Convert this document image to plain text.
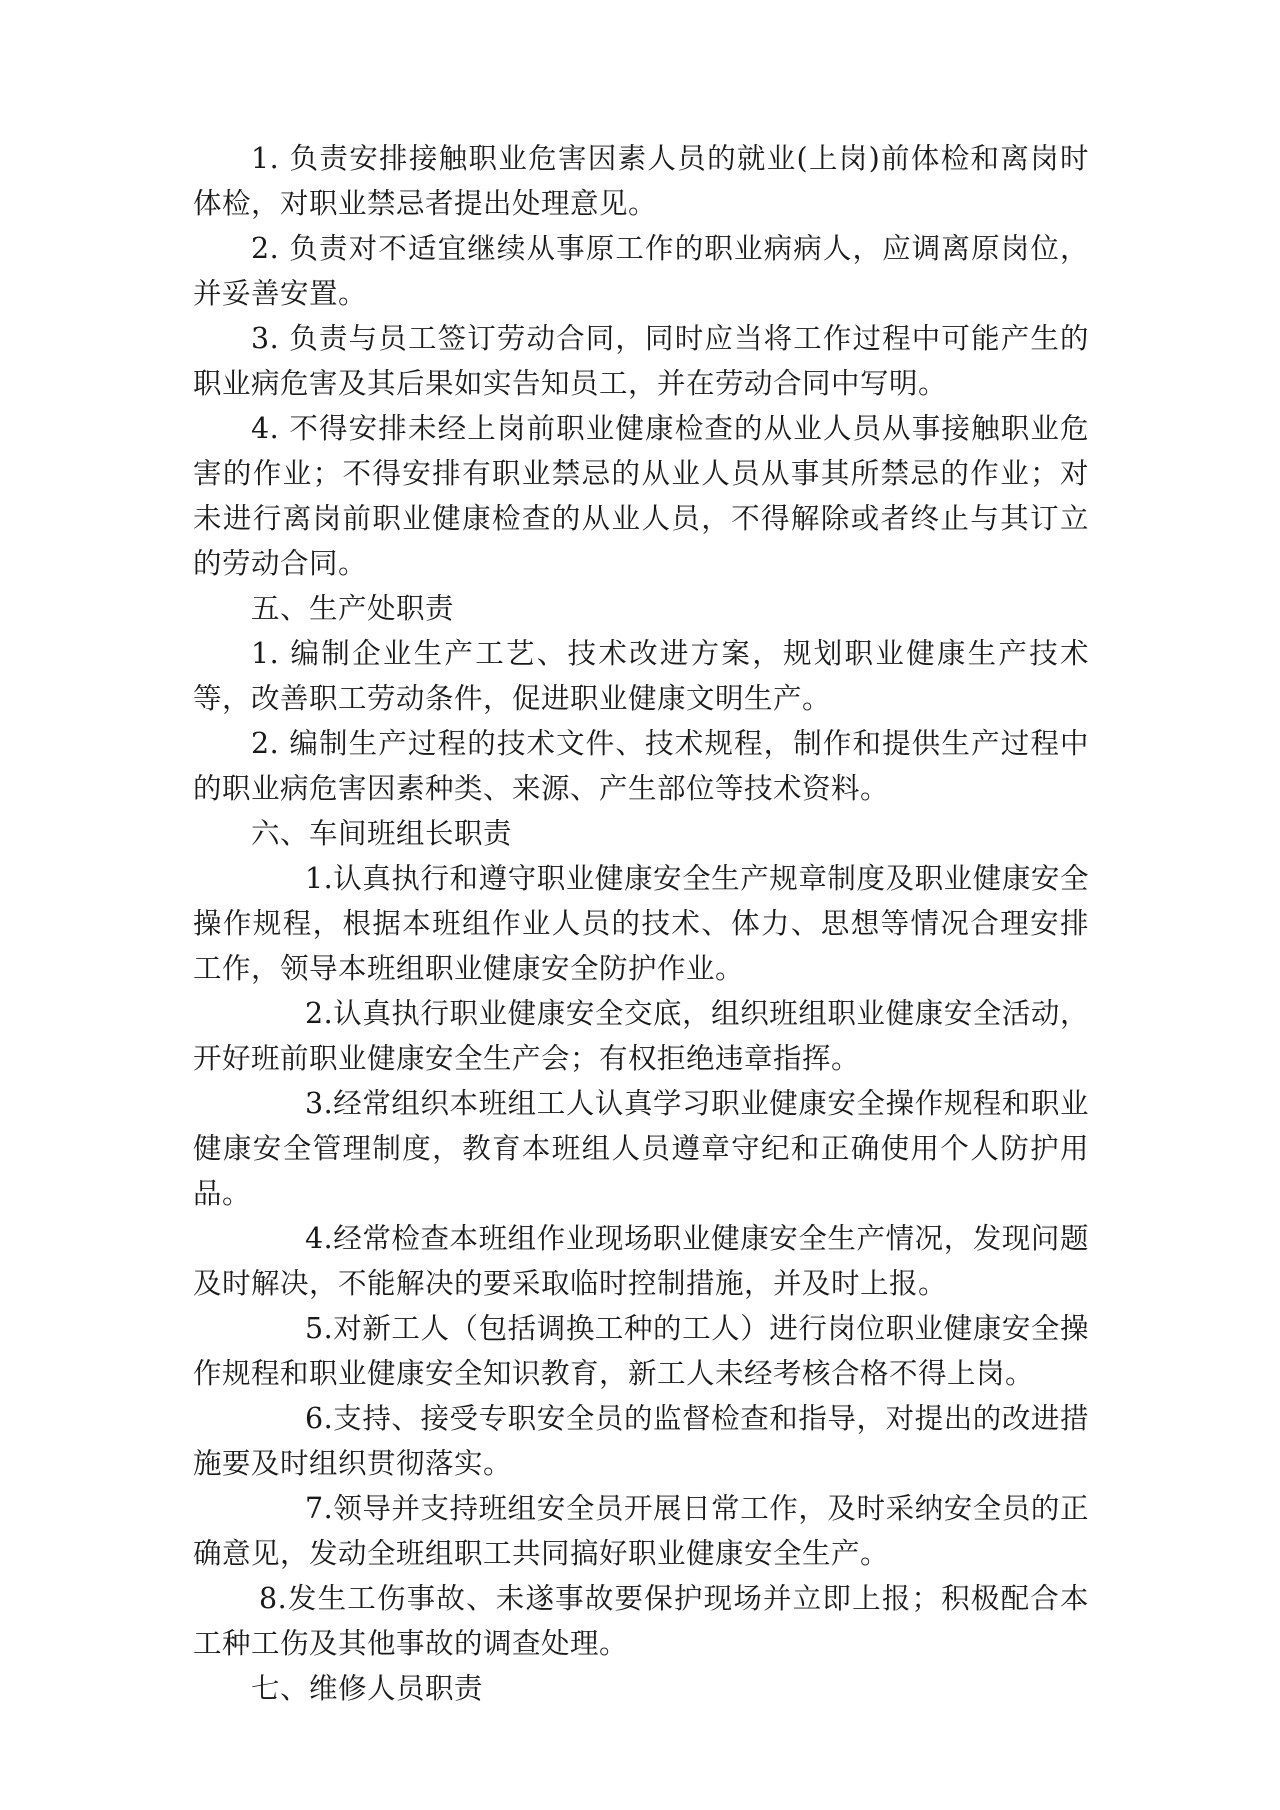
1. 负责安排接触职业危害因素人员的就业(上岗)前体检和离岗时体检，对职业禁忌者提出处理意见。

2. 负责对不适宜继续从事原工作的职业病病人，应调离原岗位，并妥善安置。

3. 负责与员工签订劳动合同，同时应当将工作过程中可能产生的职业病危害及其后果如实告知员工，并在劳动合同中写明。

4. 不得安排未经上岗前职业健康检查的从业人员从事接触职业危害的作业；不得安排有职业禁忌的从业人员从事其所禁忌的作业；对未进行离岗前职业健康检查的从业人员，不得解除或者终止与其订立的劳动合同。

五、生产处职责

1. 编制企业生产工艺、技术改进方案，规划职业健康生产技术等，改善职工劳动条件，促进职业健康文明生产。

2. 编制生产过程的技术文件、技术规程，制作和提供生产过程中的职业病危害因素种类、来源、产生部位等技术资料。

六、车间班组长职责

1.认真执行和遵守职业健康安全生产规章制度及职业健康安全操作规程，根据本班组作业人员的技术、体力、思想等情况合理安排工作，领导本班组职业健康安全防护作业。

2.认真执行职业健康安全交底，组织班组职业健康安全活动，开好班前职业健康安全生产会；有权拒绝违章指挥。

3.经常组织本班组工人认真学习职业健康安全操作规程和职业健康安全管理制度，教育本班组人员遵章守纪和正确使用个人防护用品。

4.经常检查本班组作业现场职业健康安全生产情况，发现问题及时解决，不能解决的要采取临时控制措施，并及时上报。

5.对新工人（包括调换工种的工人）进行岗位职业健康安全操作规程和职业健康安全知识教育，新工人未经考核合格不得上岗。

6.支持、接受专职安全员的监督检查和指导，对提出的改进措施要及时组织贯彻落实。

7.领导并支持班组安全员开展日常工作，及时采纳安全员的正确意见，发动全班组职工共同搞好职业健康安全生产。

8.发生工伤事故、未遂事故要保护现场并立即上报；积极配合本工种工伤及其他事故的调查处理。

七、维修人员职责
